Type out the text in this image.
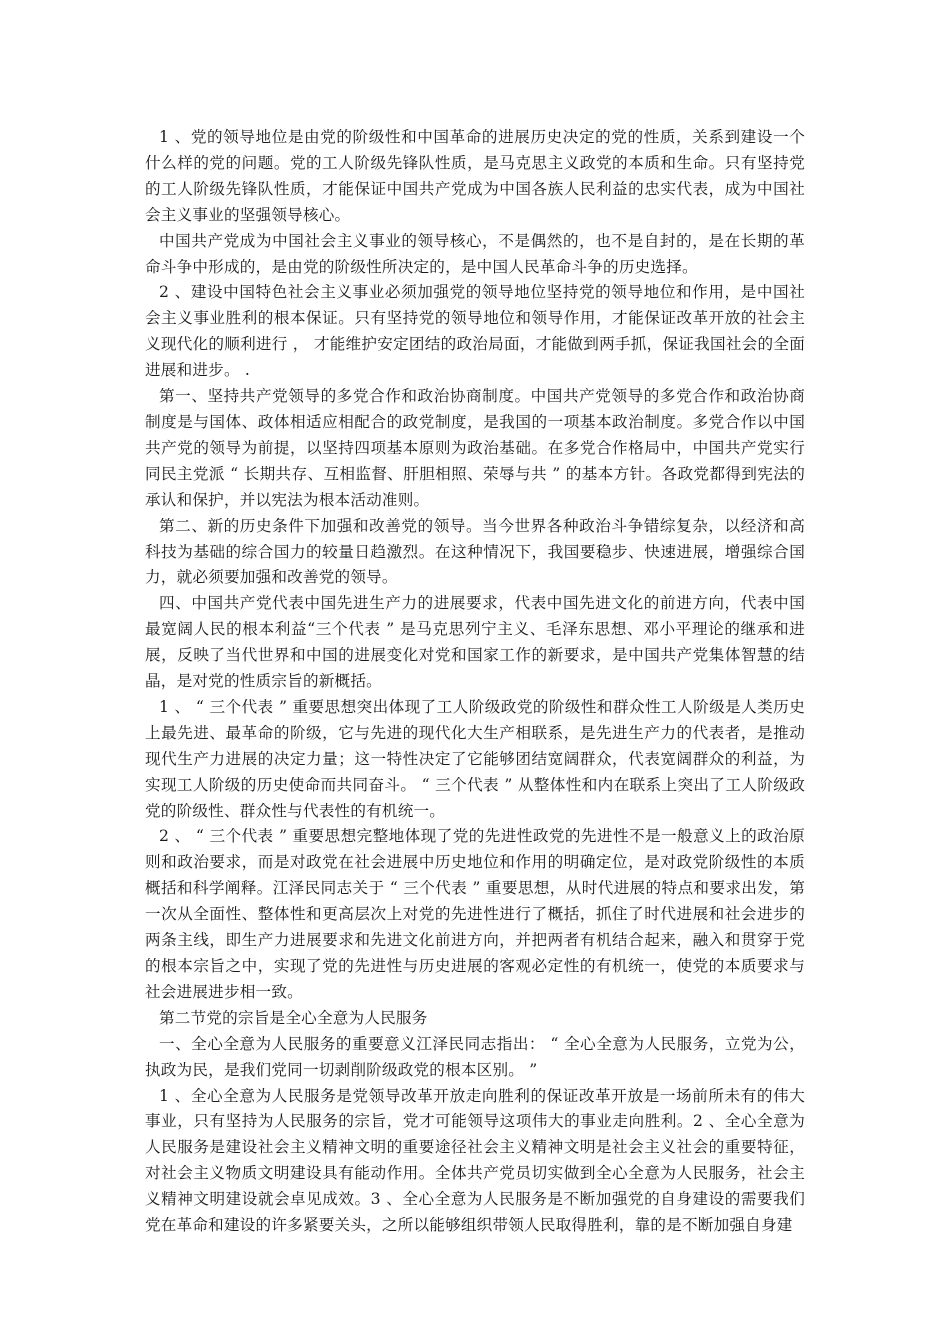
1 、党的领导地位是由党的阶级性和中国革命的进展历史决定的党的性质，关系到建设一个什么样的党的问题。党的工人阶级先锋队性质，是马克思主义政党的本质和生命。只有坚持党的工人阶级先锋队性质，才能保证中国共产党成为中国各族人民利益的忠实代表，成为中国社会主义事业的坚强领导核心。

中国共产党成为中国社会主义事业的领导核心，不是偶然的，也不是自封的，是在长期的革命斗争中形成的，是由党的阶级性所决定的，是中国人民革命斗争的历史选择。

2 、建设中国特色社会主义事业必须加强党的领导地位坚持党的领导地位和作用，是中国社会主义事业胜利的根本保证。只有坚持党的领导地位和领导作用，才能保证改革开放的社会主义现代化的顺利进行 ， 才能维护安定团结的政治局面，才能做到两手抓，保证我国社会的全面进展和进步。 .

第一、坚持共产党领导的多党合作和政治协商制度。中国共产党领导的多党合作和政治协商制度是与国体、政体相适应相配合的政党制度，是我国的一项基本政治制度。多党合作以中国共产党的领导为前提，以坚持四项基本原则为政治基础。在多党合作格局中，中国共产党实行同民主党派 “ 长期共存、互相监督、肝胆相照、荣辱与共 ” 的基本方针。各政党都得到宪法的承认和保护，并以宪法为根本活动准则。

第二、新的历史条件下加强和改善党的领导。当今世界各种政治斗争错综复杂，以经济和高科技为基础的综合国力的较量日趋激烈。在这种情况下，我国要稳步、快速进展，增强综合国力，就必须要加强和改善党的领导。

四、中国共产党代表中国先进生产力的进展要求，代表中国先进文化的前进方向，代表中国最宽阔人民的根本利益“三个代表 ” 是马克思列宁主义、毛泽东思想、邓小平理论的继承和进展，反映了当代世界和中国的进展变化对党和国家工作的新要求，是中国共产党集体智慧的结晶，是对党的性质宗旨的新概括。

1 、 “ 三个代表 ” 重要思想突出体现了工人阶级政党的阶级性和群众性工人阶级是人类历史上最先进、最革命的阶级，它与先进的现代化大生产相联系，是先进生产力的代表者，是推动现代生产力进展的决定力量；这一特性决定了它能够团结宽阔群众，代表宽阔群众的利益，为实现工人阶级的历史使命而共同奋斗。 “ 三个代表 ” 从整体性和内在联系上突出了工人阶级政党的阶级性、群众性与代表性的有机统一。

2 、 “ 三个代表 ” 重要思想完整地体现了党的先进性政党的先进性不是一般意义上的政治原则和政治要求，而是对政党在社会进展中历史地位和作用的明确定位，是对政党阶级性的本质概括和科学阐释。江泽民同志关于 “ 三个代表 ” 重要思想，从时代进展的特点和要求出发，第一次从全面性、整体性和更高层次上对党的先进性进行了概括，抓住了时代进展和社会进步的两条主线，即生产力进展要求和先进文化前进方向，并把两者有机结合起来，融入和贯穿于党的根本宗旨之中，实现了党的先进性与历史进展的客观必定性的有机统一，使党的本质要求与社会进展进步相一致。

第二节党的宗旨是全心全意为人民服务

一、全心全意为人民服务的重要意义江泽民同志指出： “ 全心全意为人民服务，立党为公，执政为民，是我们党同一切剥削阶级政党的根本区别。 ”

1 、全心全意为人民服务是党领导改革开放走向胜利的保证改革开放是一场前所未有的伟大事业，只有坚持为人民服务的宗旨，党才可能领导这项伟大的事业走向胜利。2 、全心全意为人民服务是建设社会主义精神文明的重要途径社会主义精神文明是社会主义社会的重要特征，对社会主义物质文明建设具有能动作用。全体共产党员切实做到全心全意为人民服务，社会主义精神文明建设就会卓见成效。3 、全心全意为人民服务是不断加强党的自身建设的需要我们党在革命和建设的许多紧要关头，之所以能够组织带领人民取得胜利，靠的是不断加强自身建
